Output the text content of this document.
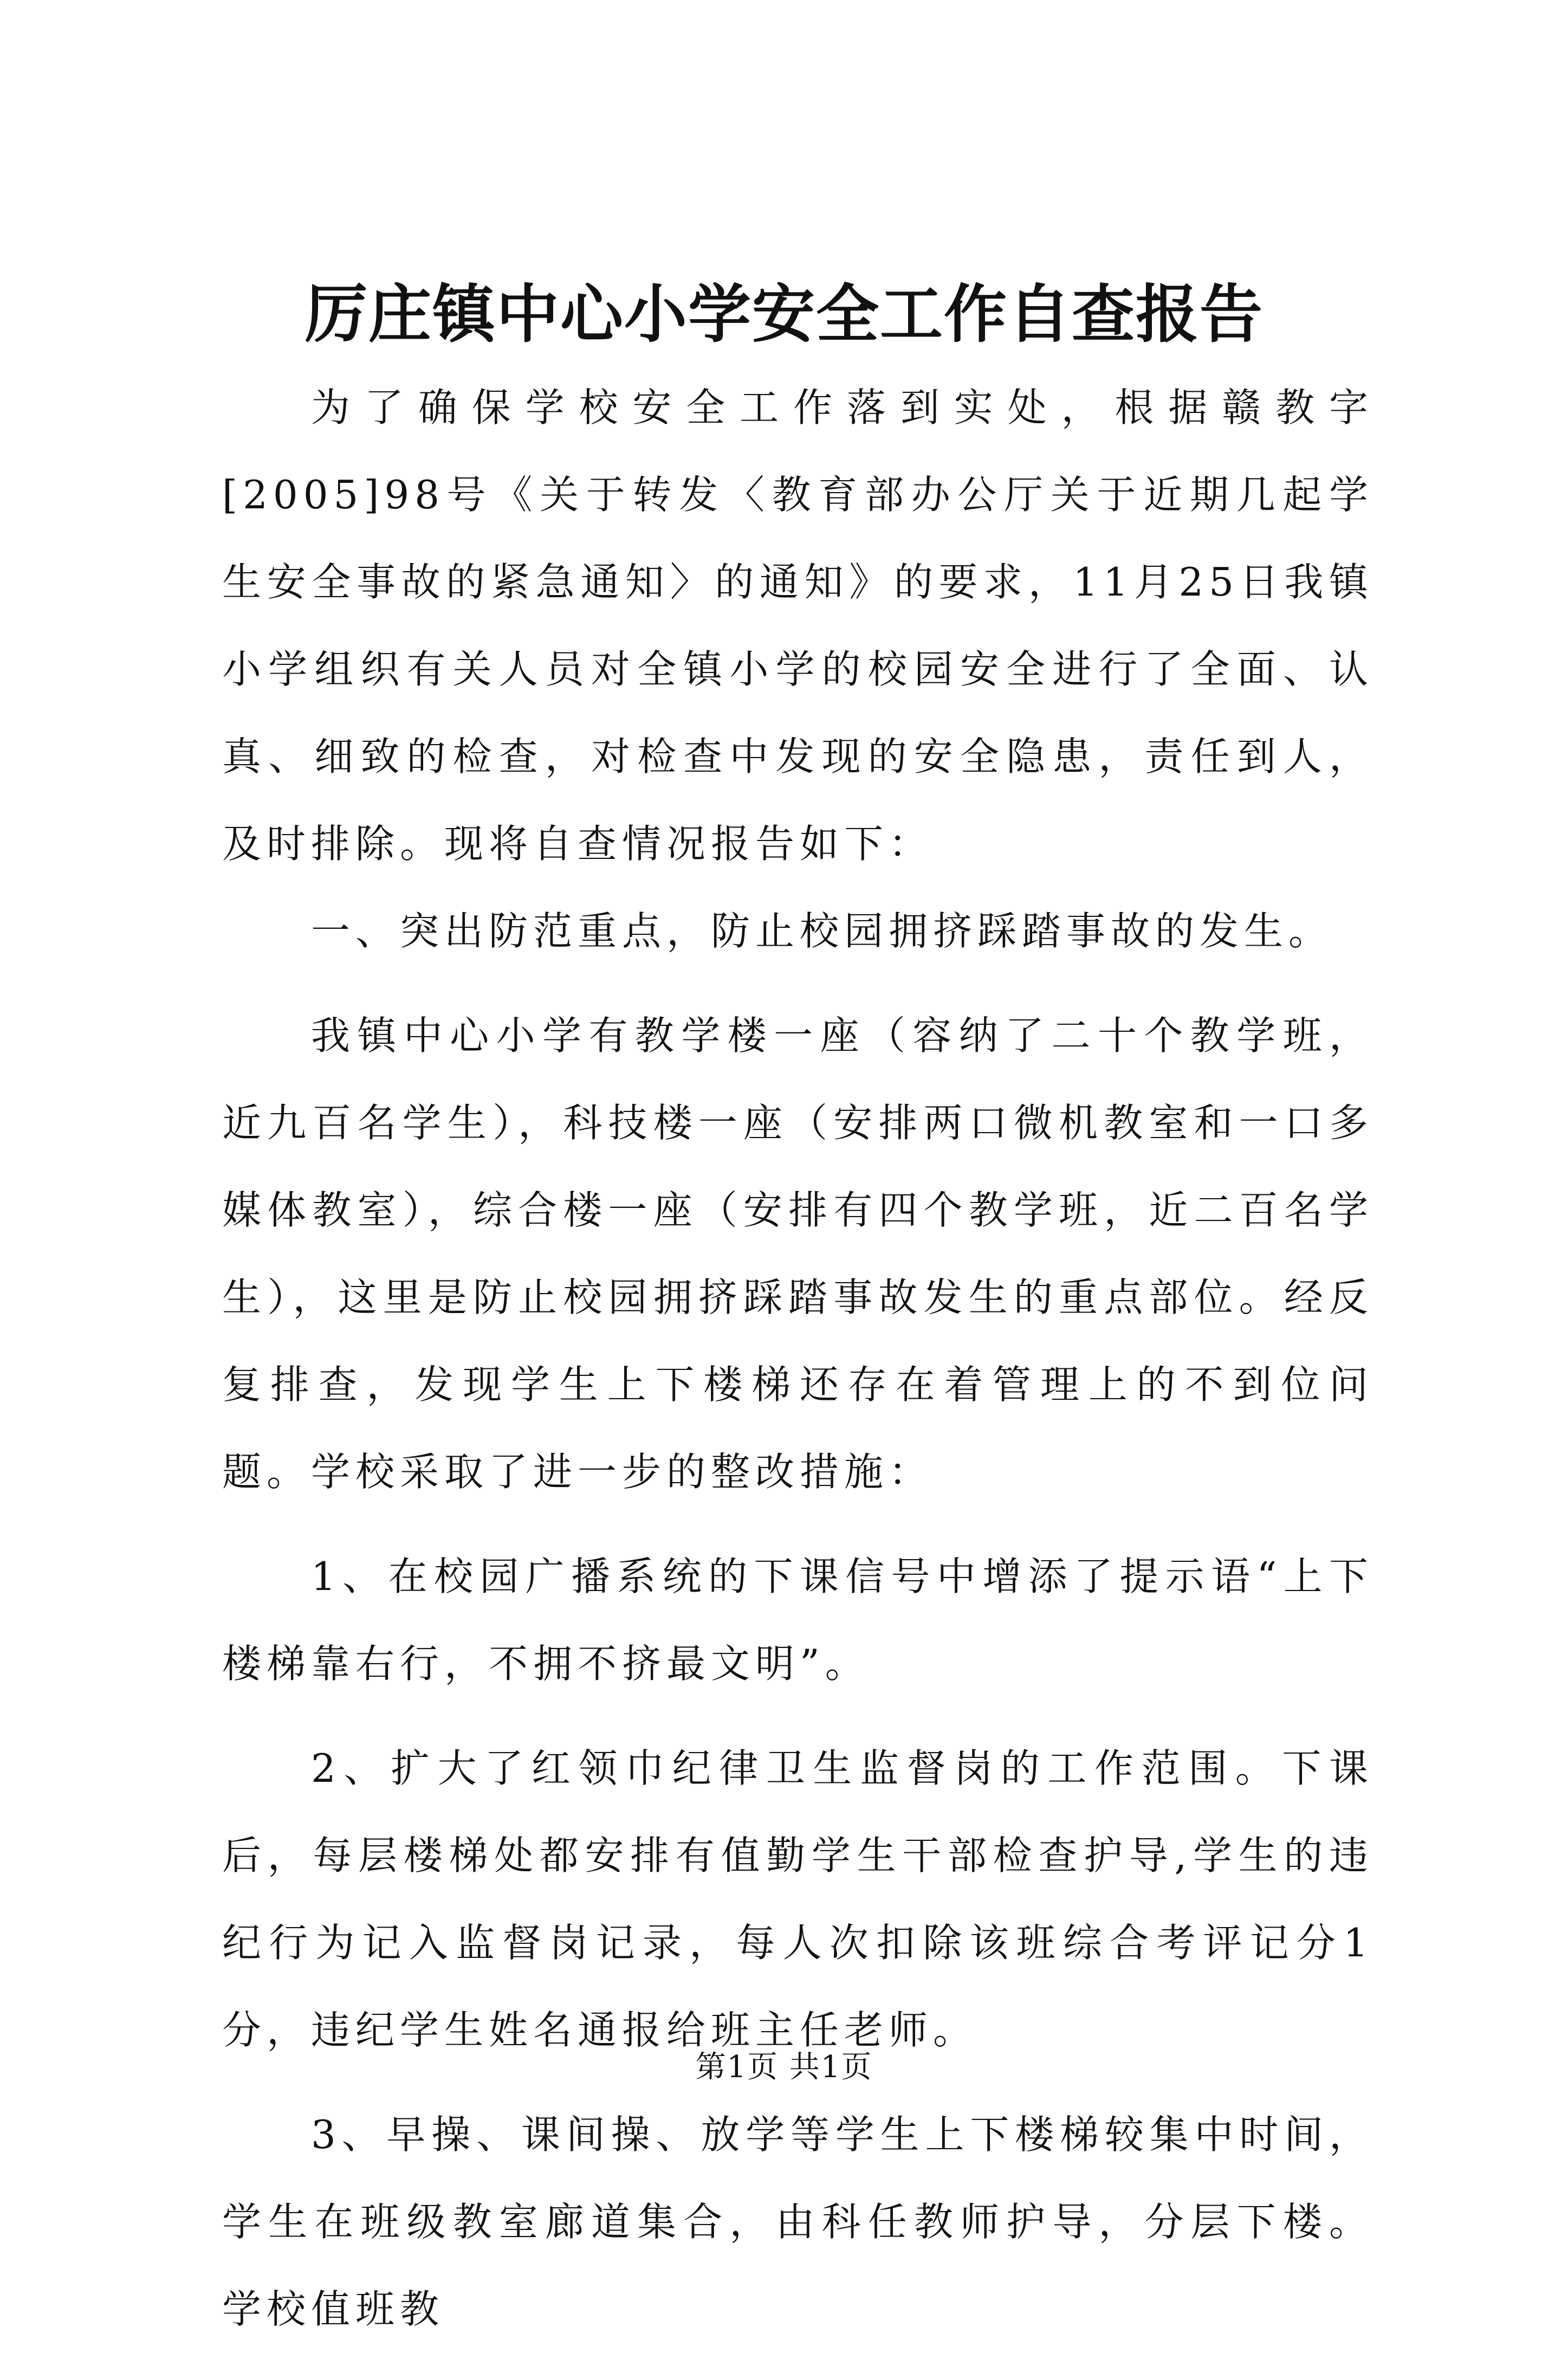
厉庄镇中心小学安全工作自查报告

为了确保学校安全工作落到实处，根据赣教字[2005]98号《关于转发〈教育部办公厅关于近期几起学生安全事故的紧急通知〉的通知》的要求，11月25日我镇小学组织有关人员对全镇小学的校园安全进行了全面、认真、细致的检查，对检查中发现的安全隐患，责任到人，及时排除。现将自查情况报告如下：

一、突出防范重点，防止校园拥挤踩踏事故的发生。

我镇中心小学有教学楼一座（容纳了二十个教学班，近九百名学生），科技楼一座（安排两口微机教室和一口多媒体教室），综合楼一座（安排有四个教学班，近二百名学生），这里是防止校园拥挤踩踏事故发生的重点部位。经反复排查，发现学生上下楼梯还存在着管理上的不到位问题。学校采取了进一步的整改措施：

1、在校园广播系统的下课信号中增添了提示语“上下楼梯靠右行，不拥不挤最文明”。

2、扩大了红领巾纪律卫生监督岗的工作范围。下课后，每层楼梯处都安排有值勤学生干部检查护导,学生的违纪行为记入监督岗记录，每人次扣除该班综合考评记分1分，违纪学生姓名通报给班主任老师。

3、早操、课间操、放学等学生上下楼梯较集中时间，学生在班级教室廊道集合，由科任教师护导，分层下楼。学校值班教

第1页 共1页
